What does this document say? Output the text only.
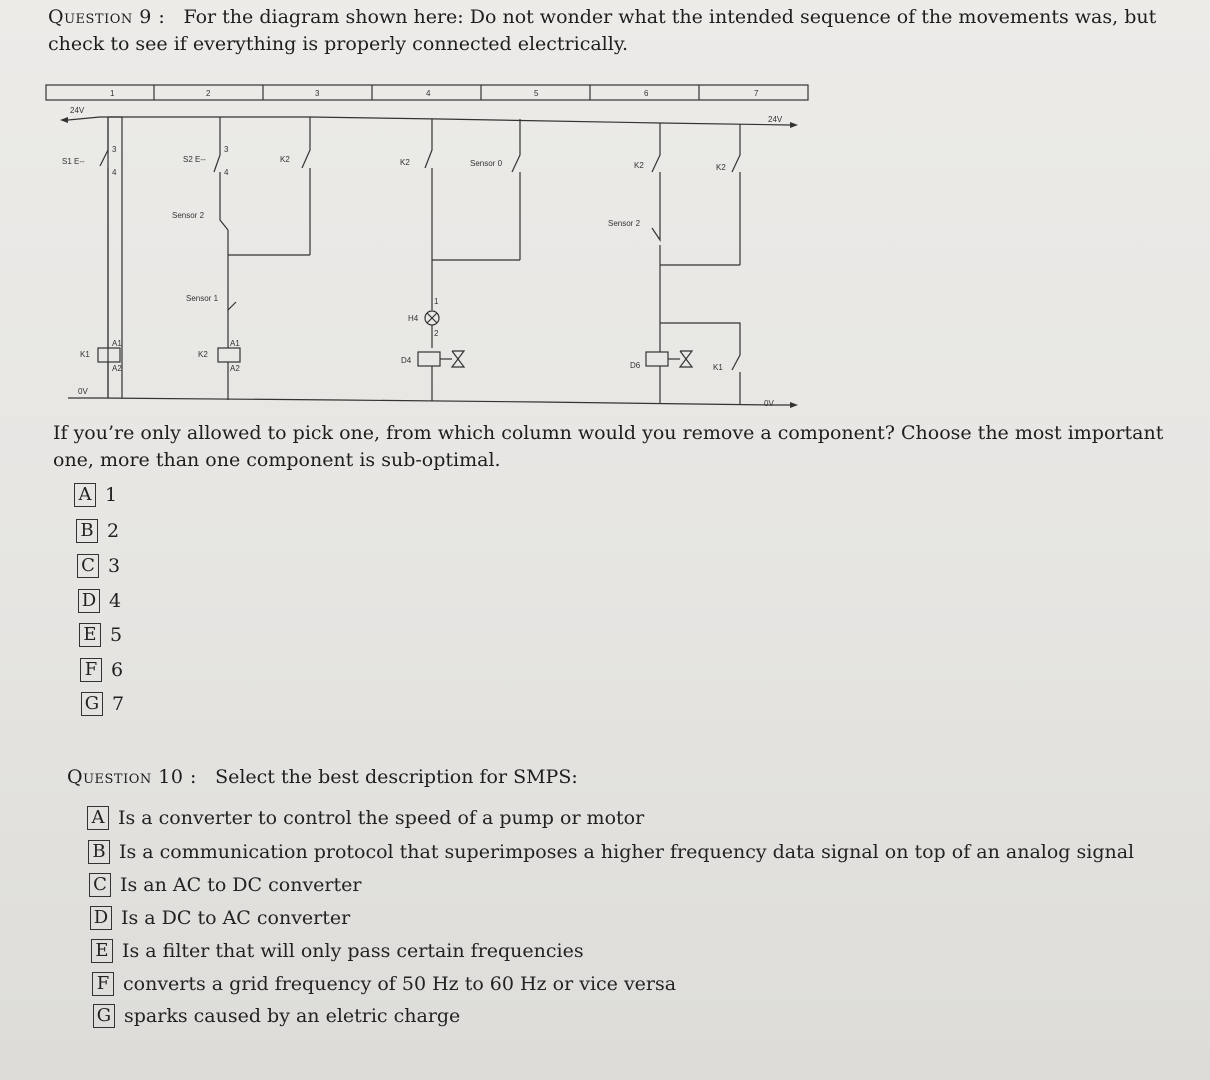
Question 9 : For the diagram shown here: Do not wonder what the intended sequence of the movements was, but
check to see if everything is properly connected electrically.
1	2	3	4	5	6	7
24V
24V
0V
0V
S1 E--
3
4
S2 E--
3
4
Sensor 2
Sensor 1
K2	K2	Sensor 0	K2	K2
Sensor 2
H4
1
2
D4
D6	K1
K1
A1
A2
K2
A1
A2
If you’re only allowed to pick one, from which column would you remove a component? Choose the most important one, more than one component is sub-optimal.
A 1
B 2
C 3
D 4
E 5
F 6
G 7
Question 10 : Select the best description for SMPS:
A Is a converter to control the speed of a pump or motor
B Is a communication protocol that superimposes a higher frequency data signal on top of an analog signal
C Is an AC to DC converter
D Is a DC to AC converter
E Is a filter that will only pass certain frequencies
F converts a grid frequency of 50 Hz to 60 Hz or vice versa
G sparks caused by an eletric charge
